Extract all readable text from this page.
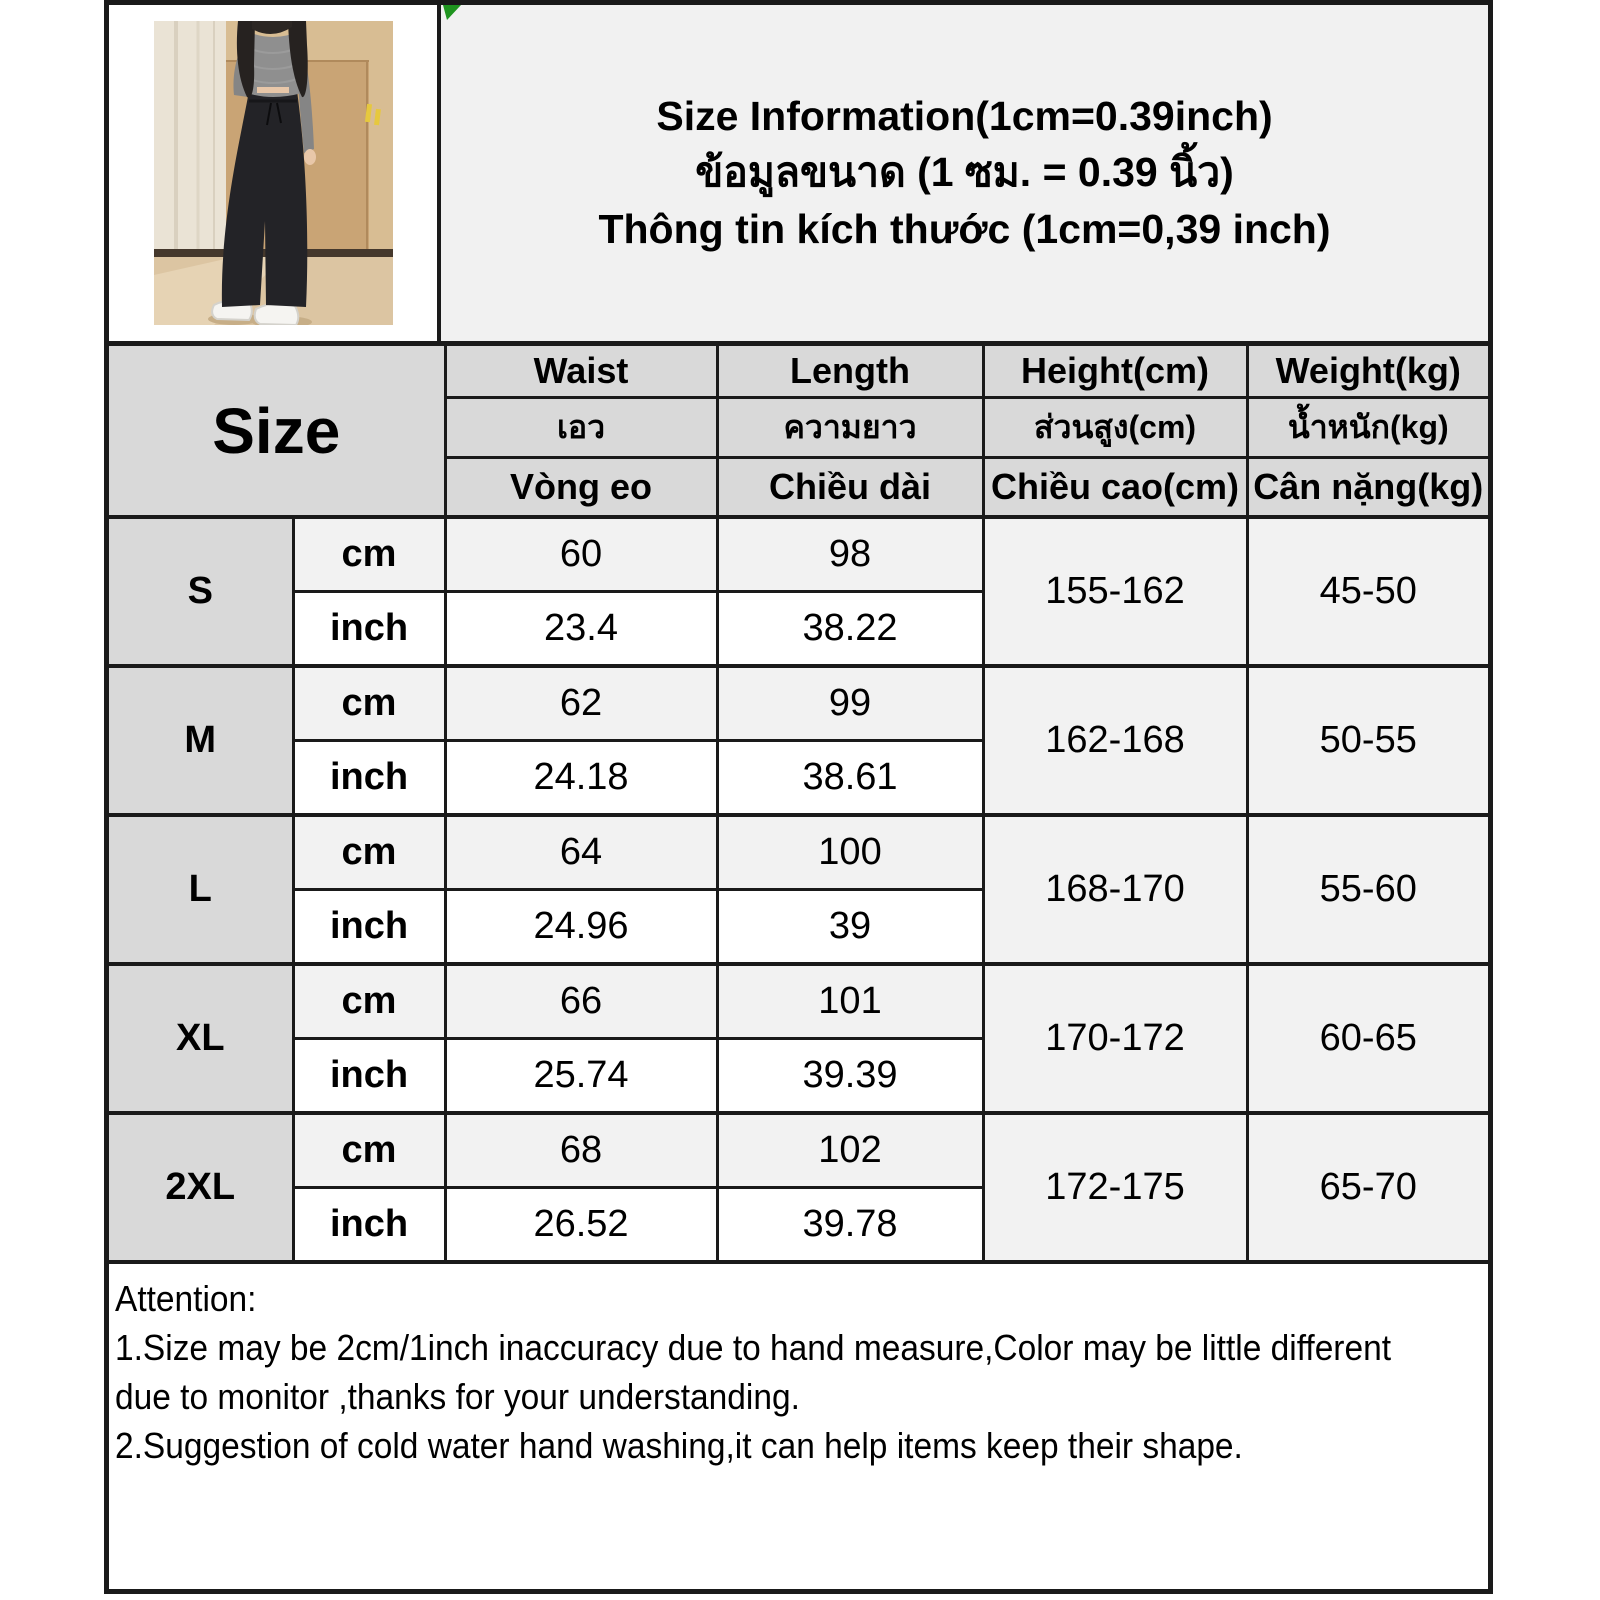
Size Information(1cm=0.39inch)
ข้อมูลขนาด (1 ซม. = 0.39 นิ้ว)
Thông tin kích thước (1cm=0,39 inch)
Size		Waist	Length	Height(cm)	Weight(kg)
		เอว	ความยาว	ส่วนสูง(cm)	น้ำหนัก(kg)
		Vòng eo	Chiều dài	Chiều cao(cm)	Cân nặng(kg)
S	cm	60	98	155-162	45-50
	inch	23.4	38.22		
M	cm	62	99	162-168	50-55
	inch	24.18	38.61		
L	cm	64	100	168-170	55-60
	inch	24.96	39		
XL	cm	66	101	170-172	60-65
	inch	25.74	39.39		
2XL	cm	68	102	172-175	65-70
	inch	26.52	39.78		
Attention:
1.Size may be 2cm/1inch inaccuracy due to hand measure,Color may be little different
due to monitor ,thanks for your understanding.
2.Suggestion of cold water hand washing,it can help items keep their shape.
